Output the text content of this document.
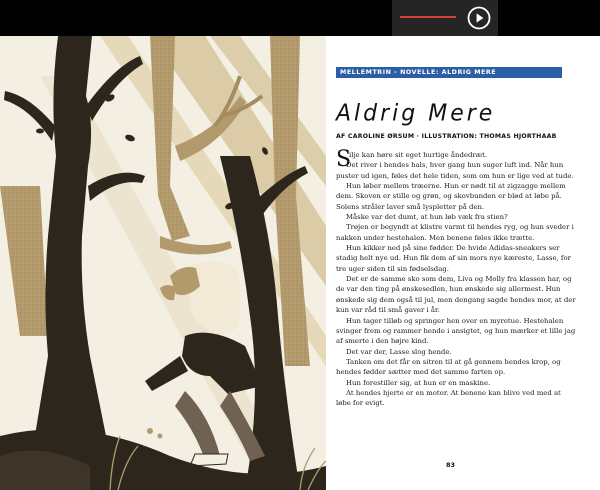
MELLEMTRIN - NOVELLE: ALDRIG MERE
Aldrig Mere
AF CAROLINE ØRSUM · ILLUSTRATION: THOMAS HJORTHAAB
S
ilje kan høre sit eget hurtige åndedræt.
Det river i hendes hals, hver gang hun suger luft ind. Når hun
puster ud igen, føles det hele tiden, som om hun er lige ved at tude.
Hun løber mellem træerne. Hun er nødt til at zigzagge mellem
dem. Skoven er stille og grøn, og skovbunden er blød at løbe på.
Solens stråler laver små lyspletter på den.
Måske var det dumt, at hun løb væk fra stien?
Trøjen er begyndt at klistre varmt til hendes ryg, og hun sveder i
nakken under hestehalen. Men benene føles ikke trætte.
Hun kikker ned på sine fødder. De hvide Adidas-sneakers ser
stadig helt nye ud. Hun fik dem af sin mors nye kæreste, Lasse, for
tre uger siden til sin fødselsdag.
Det er de samme sko som dem, Liva og Molly fra klassen har, og
de var den ting på ønskesedlen, hun ønskede sig allermest. Hun
ønskede sig dem også til jul, men dengang sagde hendes mor, at der
kun var råd til små gaver i år.
Hun tager tilløb og springer hen over en myretue. Hestehalen
svinger frem og rammer hende i ansigtet, og hun mærker et lille jag
af smerte i den højre kind.
Det var der, Lasse slog hende.
Tanken om det får en sitren til at gå gennem hendes krop, og
hendes fødder sætter med det samme farten op.
Hun forestiller sig, at hun er en maskine.
At hendes hjerte er en motor. At benene kan blive ved med at
løbe for evigt.
83
